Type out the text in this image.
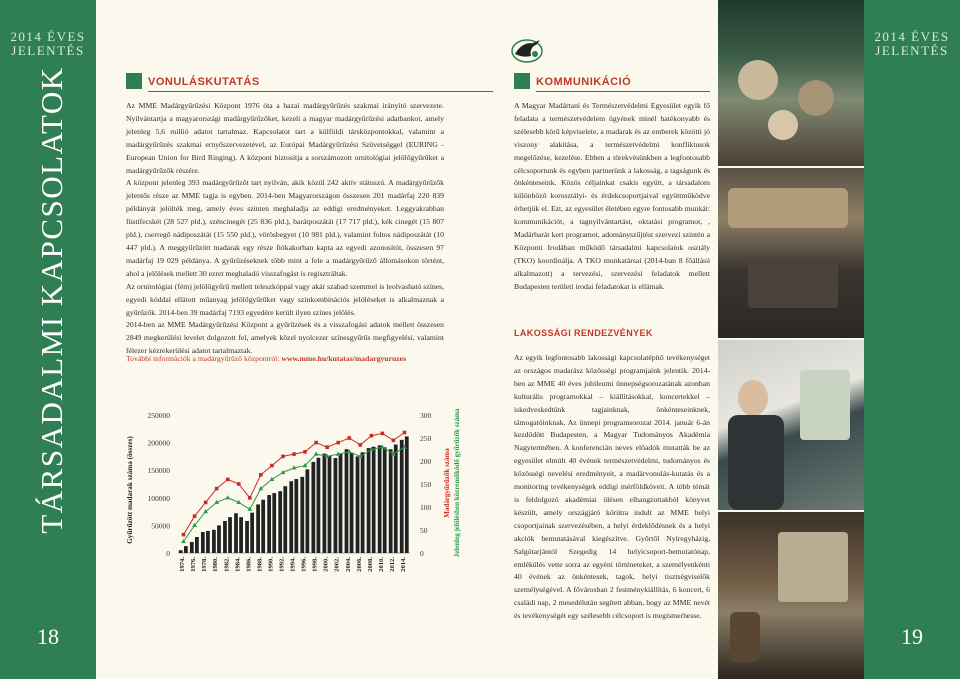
2014 ÉVES
JELENTÉS
TÁRSADALMI KAPCSOLATOK
18
2014 ÉVES
JELENTÉS
19
VONULÁSKUTATÁS

Az MME Madárgyűrűzési Központ 1976 óta a hazai madárgyűrűzés szakmai irányító szervezete. Nyilvántartja a magyarországi madárgyűrűzőket, kezeli a magyar madárgyűrűzési adatbankot, amely jelenleg 5,6 millió adatot tartalmaz. Kapcsolatot tart a külföldi társközpontokkal, valamint a madárgyűrűzés szakmai ernyőszervezetével, az Európai Madárgyűrűzési Szövetséggel (EURING - European Union for Bird Ringing). A központ biztosítja a sorszámozott ornitológiai jelölőgyűrűket a madárgyűrűzők részére.

A központ jelenleg 393 madárgyűrűzőt tart nyilván, akik közül 242 aktív státuszú. A madárgyűrűzők jelentős része az MME tagja is egyben. 2014-ben Magyarországon összesen 201 madárfaj 220 839 példányát jelölték meg, amely éves szinten meghaladja az eddigi eredményeket. Leggyakrabban füstifecskét (28 527 pld.), széncinegét (25 836 pld.), barátposzátát (17 717 pld.), kék cinegét (15 807 pld.), cserregő nádiposzátát (15 550 pld.), vörösbegyet (10 981 pld.), valamint foltos nádiposzátát (10 447 pld.). A meggyűrűzött madarak egy része fiókakorban kapta az egyedi azonosítót, összesen 97 madárfaj 19 029 példánya. A gyűrűzéseknek több mint a fele a madárgyűrűző állomásokon történt, ahol a jelölések mellett 30 ezret meghaladó visszafogást is regisztráltak.

Az ornitológiai (fém) jelölőgyűrű mellett teleszkóppal vagy akár szabad szemmel is leolvasható színes, egyedi kóddal ellátott műanyag jelölőgyűrűket vagy színkombinációs jelöléseket is alkalmaznak a gyűrűzők. 2014-ben 39 madárfaj 7193 egyedére került ilyen színes jelölés.

2014-ben az MME Madárgyűrűzési Központ a gyűrűzések és a visszafogási adatok mellett összesen 2849 megkerülési levelet dolgozott fel, amelyek közel nyolcezer színesgyűrűs megfigyelési, valamint félezer kézrekerülési adatot tartalmaztak.

További információk a madárgyűrűző központról: www.mme.hu/kutatas/madargyuruzes
250000
200000
150000
100000
50000
0
300
250
200
150
100
50
0
1974. 1976. 1978. 1980. 1982. 1984. 1986. 1988. 1990. 1992. 1994. 1996. 1998. 2000. 2002. 2004. 2006. 2008. 2010. 2012. 2014.
Gyűrűzött madarak száma (összes)	Madárgyűrűzők száma Jelenleg jelölésben közreműködő gyűrűzők száma
KOMMUNIKÁCIÓ

A Magyar Madártani és Természetvédelmi Egyesület egyik fő feladata a természetvédelem ügyének minél hatékonyabb és szélesebb körű képviselete, a madarak és az emberek közötti jó viszony alakítása, a természetvédelmi konfliktusok megelőzése, kezelése. Ebben a törekvésünkben a legfontosabb célcsoportunk és egyben partnerünk a lakosság, a tagságunk és önkénteseink. Közös céljainkat csakis együtt, a társadalom különböző korosztályi- és érdekcsoportjaival együttműködve érhetjük el. Ezt, az egyesület életében egyre fontosabb munkát: kommunikációt, a tagnyilvántartást, oktatási programot, , Madárbarát kert programot, adományszűjtést szervezi szintén a Központi Irodában működő társadalmi kapcsolatok osztály (TKO) koordinálja. A TKO munkatársai (2014-ban 8 főállású alkalmazott) a tervezési, szervezési feladatok mellett Budapesten területi irodai feladatokat is ellátnak.

LAKOSSÁGI RENDEZVÉNYEK

Az egyik legfontosabb lakossági kapcsolatépítő tevékenységet az országos madarász közösségi programjaink jelentik. 2014-ben az MME 40 éves jubileumi ünnepségsorozatának azonban kulturális programokkal – kiállításokkal, koncertekkel – iskedveskedtünk tagjainknak, önkénteseinknek, támogatóinknak. Az ünnepi programsorozat 2014. január 6-án kezdődött Budapesten, a Magyar Tudományos Akadémia Nagytermében. A konferencián neves előadók mutatták be az egyesület elmúlt 40 évének természetvédelmi, tudományos és közösségi nevelési eredményeit, a madárvonulás-kutatás és a monitoring tevékenységek eddigi mérföldköveit. A több témát is feldolgozó akadémiai ülésen elhangzottakból könyvet készült, amely országjáró körútra indult az MME helyi csoportjainak szervezésében, a helyi érdeklődésnek és a helyi akciók bemutatásával kiegészítve. Győrtől Nyíregyházig, Salgótarjántól Szegedig 14 helyicsoport-bemutatónap, emlékülés vette sorra az egyéni történeteket, a személyenkénti 40 évének az önkéntesek, tagok, helyi tisztségviselők személységével. A fővárosban 2 festménykiállítás, 6 koncert, 6 családi nap, 2 mesedélután segített abban, hogy az MME nevét és tevékenységét egy szélesebb célcsoport is megismerhesse.
